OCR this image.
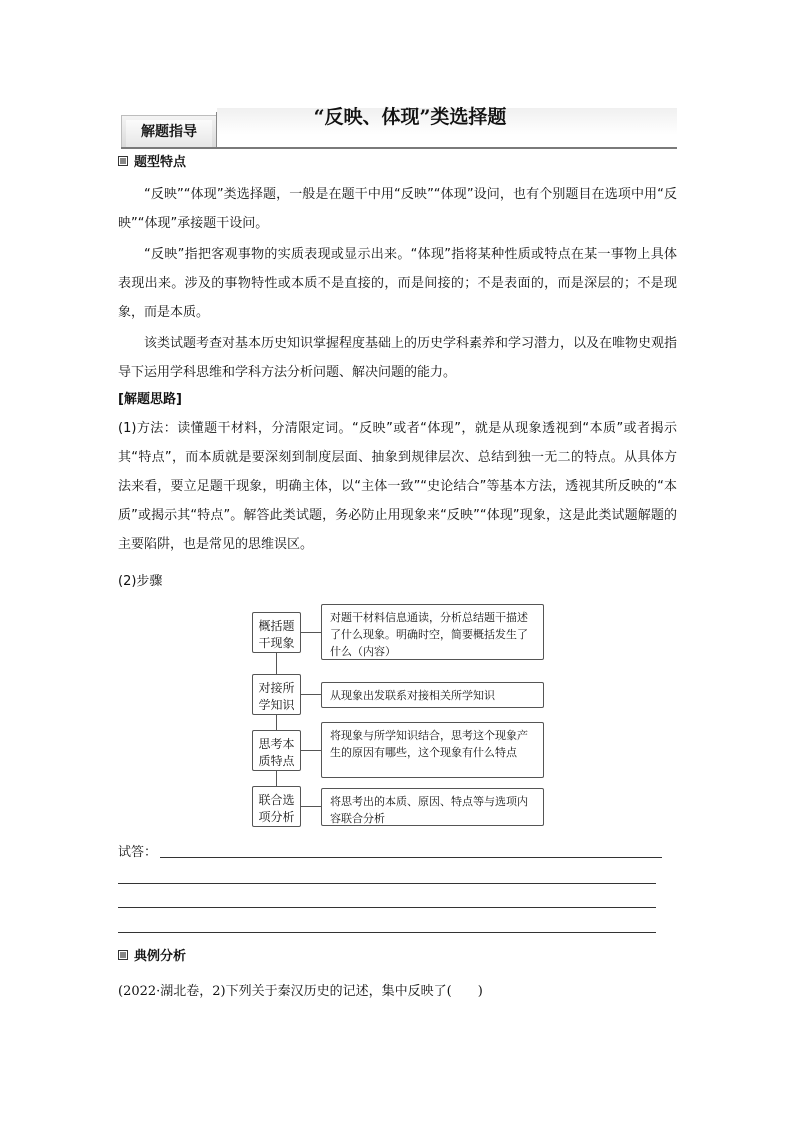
解题指导
“反映、体现”类选择题
题型特点
“反映”“体现”类选择题，一般是在题干中用“反映”“体现”设问，也有个别题目在选项中用“反映”“体现”承接题干设问。
“反映”指把客观事物的实质表现或显示出来。“体现”指将某种性质或特点在某一事物上具体表现出来。涉及的事物特性或本质不是直接的，而是间接的；不是表面的，而是深层的；不是现象，而是本质。
该类试题考查对基本历史知识掌握程度基础上的历史学科素养和学习潜力，以及在唯物史观指导下运用学科思维和学科方法分析问题、解决问题的能力。
[解题思路]
(1)方法：读懂题干材料，分清限定词。“反映”或者“体现”，就是从现象透视到“本质”或者揭示其“特点”，而本质就是要深刻到制度层面、抽象到规律层次、总结到独一无二的特点。从具体方法来看，要立足题干现象，明确主体，以“主体一致”“史论结合”等基本方法，透视其所反映的“本质”或揭示其“特点”。解答此类试题，务必防止用现象来“反映”“体现”现象，这是此类试题解题的主要陷阱，也是常见的思维误区。
(2)步骤
概括题干现象
对题干材料信息通读，分析总结题干描述了什么现象。明确时空，简要概括发生了什么（内容）
对接所学知识
从现象出发联系对接相关所学知识
思考本质特点
将现象与所学知识结合，思考这个现象产生的原因有哪些，这个现象有什么特点
联合选项分析
将思考出的本质、原因、特点等与选项内容联合分析
试答：
典例分析
(2022·湖北卷，2)下列关于秦汉历史的记述，集中反映了(　　)
